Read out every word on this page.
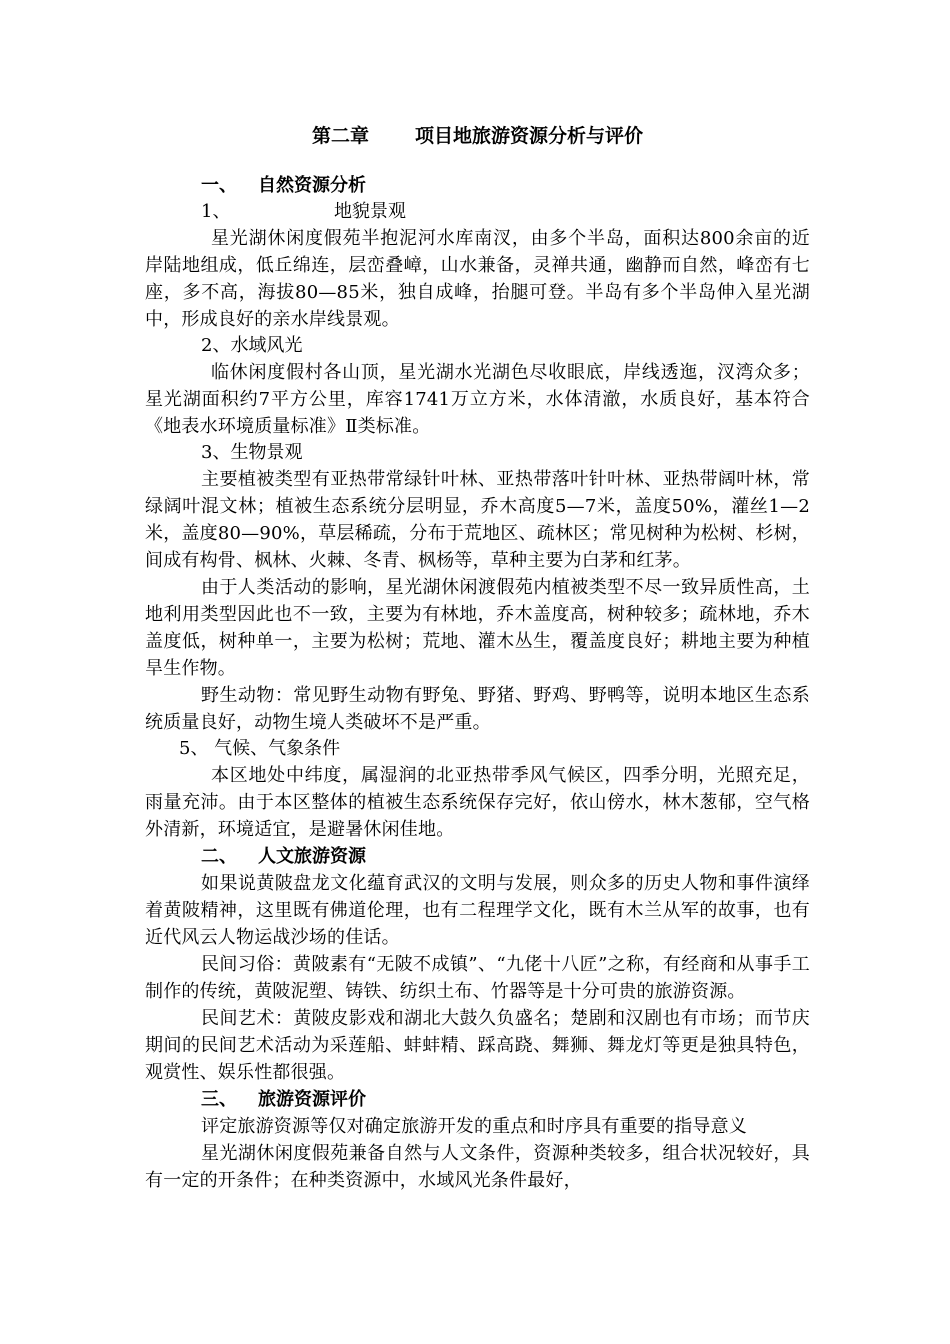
第二章 项目地旅游资源分析与评价
一、 自然资源分析
1、	地貌景观

星光湖休闲度假苑半抱泥河水库南汊，由多个半岛，面积达800余亩的近岸陆地组成，低丘绵连，层峦叠嶂，山水兼备，灵禅共通，幽静而自然，峰峦有七座，多不高，海拔80—85米，独自成峰，抬腿可登。半岛有多个半岛伸入星光湖中，形成良好的亲水岸线景观。

2、水域风光

临休闲度假村各山顶，星光湖水光湖色尽收眼底，岸线透迤，汊湾众多；星光湖面积约7平方公里，库容1741万立方米，水体清澈，水质良好，基本符合《地表水环境质量标准》Ⅱ类标准。

3、生物景观

主要植被类型有亚热带常绿针叶林、亚热带落叶针叶林、亚热带阔叶林，常绿阔叶混文林；植被生态系统分层明显，乔木高度5—7米，盖度50%，灌丝1—2米，盖度80—90%，草层稀疏，分布于荒地区、疏林区；常见树种为松树、杉树，间成有构骨、枫林、火棘、冬青、枫杨等，草种主要为白茅和红茅。

由于人类活动的影响，星光湖休闲渡假苑内植被类型不尽一致异质性高，土地利用类型因此也不一致，主要为有林地，乔木盖度高，树种较多；疏林地，乔木盖度低，树种单一，主要为松树；荒地、灌木丛生，覆盖度良好；耕地主要为种植旱生作物。

野生动物：常见野生动物有野兔、野猪、野鸡、野鸭等，说明本地区生态系统质量良好，动物生境人类破坏不是严重。

5、 气候、气象条件

本区地处中纬度，属湿润的北亚热带季风气候区，四季分明，光照充足，雨量充沛。由于本区整体的植被生态系统保存完好，依山傍水，林木葱郁，空气格外清新，环境适宜，是避暑休闲佳地。

二、 人文旅游资源

如果说黄陂盘龙文化蕴育武汉的文明与发展，则众多的历史人物和事件演绎着黄陂精神，这里既有佛道伦理，也有二程理学文化，既有木兰从军的故事，也有近代风云人物运战沙场的佳话。

民间习俗：黄陂素有“无陂不成镇”、“九佬十八匠”之称，有经商和从事手工制作的传统，黄陂泥塑、铸铁、纺织土布、竹器等是十分可贵的旅游资源。

民间艺术：黄陂皮影戏和湖北大鼓久负盛名；楚剧和汉剧也有市场；而节庆期间的民间艺术活动为采莲船、蚌蚌精、踩高跷、舞狮、舞龙灯等更是独具特色，观赏性、娱乐性都很强。

三、 旅游资源评价

评定旅游资源等仅对确定旅游开发的重点和时序具有重要的指导意义

星光湖休闲度假苑兼备自然与人文条件，资源种类较多，组合状况较好，具有一定的开条件；在种类资源中，水域风光条件最好，
